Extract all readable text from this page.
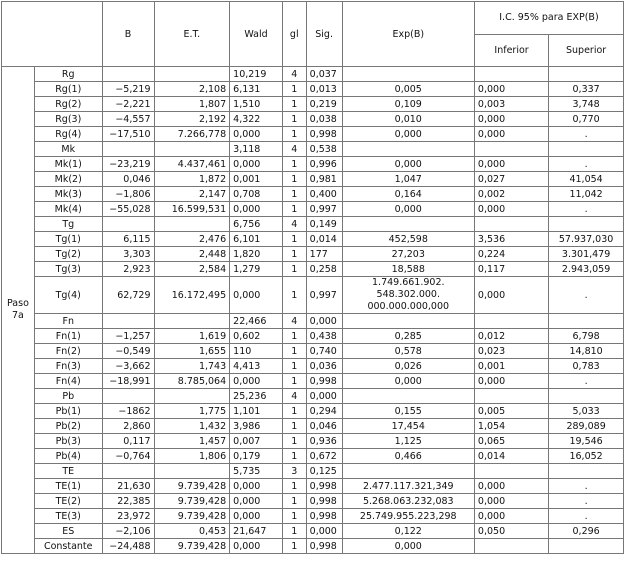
		B	E.T.	Wald	gl	Sig.	Exp(B)	I.C. 95% para EXP(B)	
								Inferior	Superior
Paso 7a	Rg			10,219	4	0,037			
	Rg(1)	−5,219	2,108	6,131	1	0,013	0,005	0,000	0,337
	Rg(2)	−2,221	1,807	1,510	1	0,219	0,109	0,003	3,748
	Rg(3)	−4,557	2,192	4,322	1	0,038	0,010	0,000	0,770
	Rg(4)	−17,510	7.266,778	0,000	1	0,998	0,000	0,000	.
	Mk			3,118	4	0,538			
	Mk(1)	−23,219	4.437,461	0,000	1	0,996	0,000	0,000	.
	Mk(2)	0,046	1,872	0,001	1	0,981	1,047	0,027	41,054
	Mk(3)	−1,806	2,147	0,708	1	0,400	0,164	0,002	11,042
	Mk(4)	−55,028	16.599,531	0,000	1	0,997	0,000	0,000	.
	Tg			6,756	4	0,149			
	Tg(1)	6,115	2,476	6,101	1	0,014	452,598	3,536	57.937,030
	Tg(2)	3,303	2,448	1,820	1	177	27,203	0,224	3.301,479
	Tg(3)	2,923	2,584	1,279	1	0,258	18,588	0,117	2.943,059
	Tg(4)	62,729	16.172,495	0,000	1	0,997	1.749.661.902. 548.302.000. 000.000.000,000	0,000	.
	Fn			22,466	4	0,000			
	Fn(1)	−1,257	1,619	0,602	1	0,438	0,285	0,012	6,798
	Fn(2)	−0,549	1,655	110	1	0,740	0,578	0,023	14,810
	Fn(3)	−3,662	1,743	4,413	1	0,036	0,026	0,001	0,783
	Fn(4)	−18,991	8.785,064	0,000	1	0,998	0,000	0,000	.
	Pb			25,236	4	0,000			
	Pb(1)	−1862	1,775	1,101	1	0,294	0,155	0,005	5,033
	Pb(2)	2,860	1,432	3,986	1	0,046	17,454	1,054	289,089
	Pb(3)	0,117	1,457	0,007	1	0,936	1,125	0,065	19,546
	Pb(4)	−0,764	1,806	0,179	1	0,672	0,466	0,014	16,052
	TE			5,735	3	0,125			
	TE(1)	21,630	9.739,428	0,000	1	0,998	2.477.117.321,349	0,000	.
	TE(2)	22,385	9.739,428	0,000	1	0,998	5.268.063.232,083	0,000	.
	TE(3)	23,972	9.739,428	0,000	1	0,998	25.749.955.223,298	0,000	.
	ES	−2,106	0,453	21,647	1	0,000	0,122	0,050	0,296
	Constante	−24,488	9.739,428	0,000	1	0,998	0,000		
